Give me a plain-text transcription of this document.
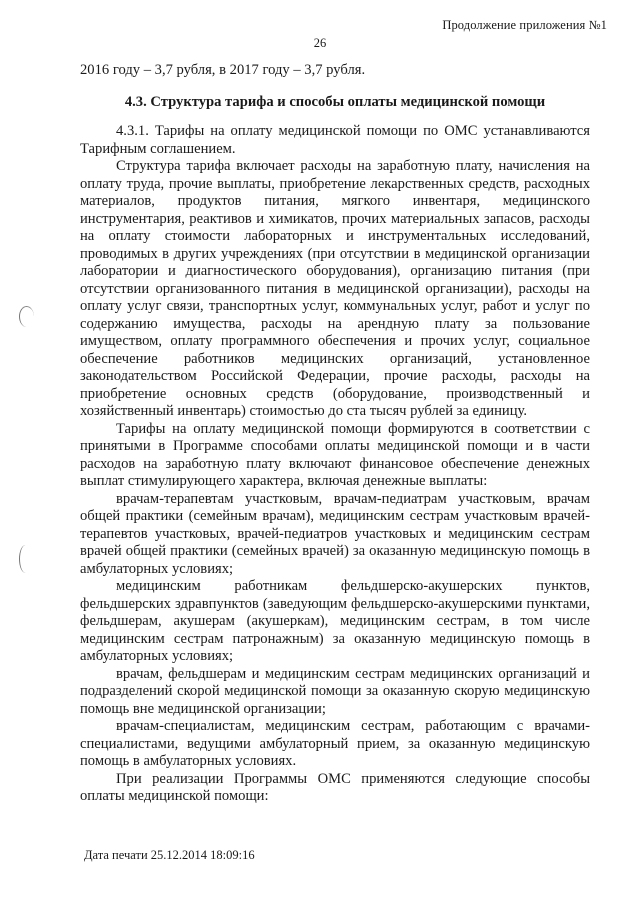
Продолжение приложения №1
26

2016 году – 3,7 рубля, в 2017 году – 3,7 рубля.

4.3. Структура тарифа и способы оплаты медицинской помощи

4.3.1. Тарифы на оплату медицинской помощи по ОМС устанавливаются Тарифным соглашением.

Структура тарифа включает расходы на заработную плату, начисления на оплату труда, прочие выплаты, приобретение лекарственных средств, расходных материалов, продуктов питания, мягкого инвентаря, медицинского инструментария, реактивов и химикатов, прочих материальных запасов, расходы на оплату стоимости лабораторных и инструментальных исследований, проводимых в других учреждениях (при отсутствии в медицинской организации лаборатории и диагностического оборудования), организацию питания (при отсутствии организованного питания в медицинской организации), расходы на оплату услуг связи, транспортных услуг, коммунальных услуг, работ и услуг по содержанию имущества, расходы на арендную плату за пользование имуществом, оплату программного обеспечения и прочих услуг, социальное обеспечение работников медицинских организаций, установленное законодательством Российской Федерации, прочие расходы, расходы на приобретение основных средств (оборудование, производственный и хозяйственный инвентарь) стоимостью до ста тысяч рублей за единицу.

Тарифы на оплату медицинской помощи формируются в соответствии с принятыми в Программе способами оплаты медицинской помощи и в части расходов на заработную плату включают финансовое обеспечение денежных выплат стимулирующего характера, включая денежные выплаты:

врачам-терапевтам участковым, врачам-педиатрам участковым, врачам общей практики (семейным врачам), медицинским сестрам участковым врачей-терапевтов участковых, врачей-педиатров участковых и медицинским сестрам врачей общей практики (семейных врачей) за оказанную медицинскую помощь в амбулаторных условиях;

медицинским работникам фельдшерско-акушерских пунктов, фельдшерских здравпунктов (заведующим фельдшерско-акушерскими пунктами, фельдшерам, акушерам (акушеркам), медицинским сестрам, в том числе медицинским сестрам патронажным) за оказанную медицинскую помощь в амбулаторных условиях;

врачам, фельдшерам и медицинским сестрам медицинских организаций и подразделений скорой медицинской помощи за оказанную скорую медицинскую помощь вне медицинской организации;

врачам-специалистам, медицинским сестрам, работающим с врачами-специалистами, ведущими амбулаторный прием, за оказанную медицинскую помощь в амбулаторных условиях.

При реализации Программы ОМС применяются следующие способы оплаты медицинской помощи:

Дата печати 25.12.2014 18:09:16
